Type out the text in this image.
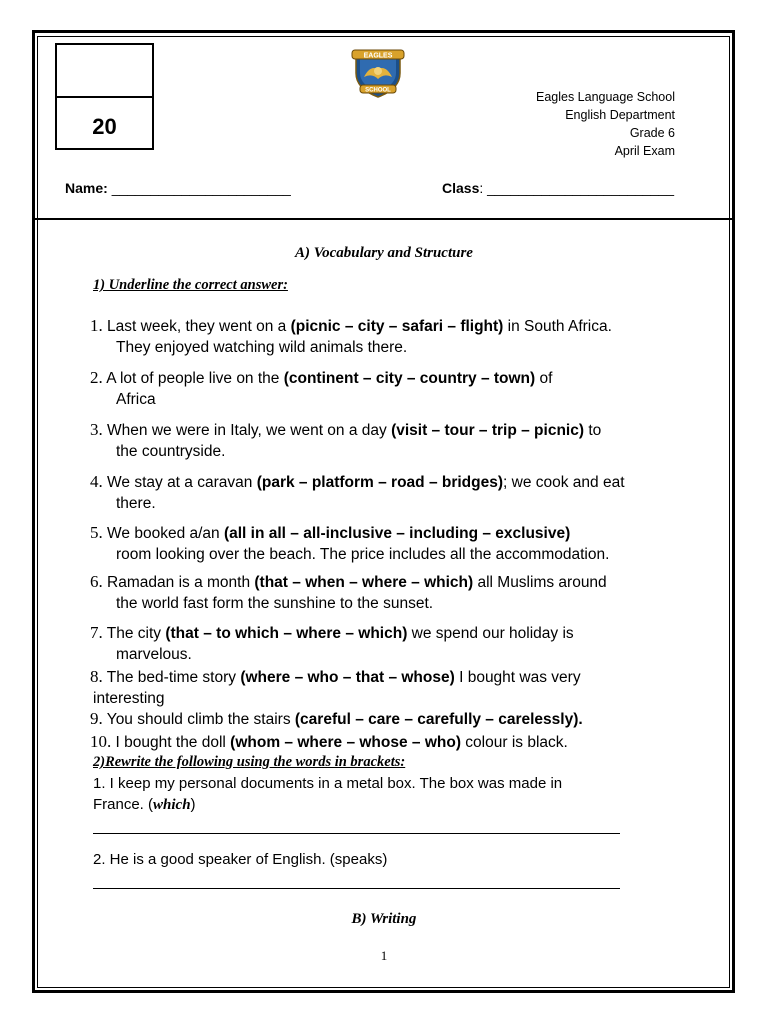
20
EAGLES
SCHOOL	Eagles Language School
English Department
Grade 6
April Exam
Name: _______________________	Class: ________________________
A) Vocabulary and Structure
1) Underline the correct answer:
1. Last week, they went on a (picnic – city – safari – flight) in South Africa.
They enjoyed watching wild animals there.
2. A lot of people live on the (continent – city – country – town) of
Africa
3. When we were in Italy, we went on a day (visit – tour – trip – picnic) to
the countryside.
4. We stay at a caravan (park – platform – road – bridges); we cook and eat
there.
5. We booked a/an (all in all – all-inclusive – including – exclusive)
room looking over the beach. The price includes all the accommodation.
6. Ramadan is a month (that – when – where – which) all Muslims around
the world fast form the sunshine to the sunset.
7. The city (that – to which – where – which) we spend our holiday is
marvelous.
8. The bed-time story (where – who – that – whose) I bought was very
interesting
9. You should climb the stairs (careful – care – carefully – carelessly).
10. I bought the doll (whom – where – whose – who) colour is black.
2)Rewrite the following using the words in brackets:
1. I keep my personal documents in a metal box. The box was made in
France. (which)
2. He is a good speaker of English. (speaks)
B) Writing
1
